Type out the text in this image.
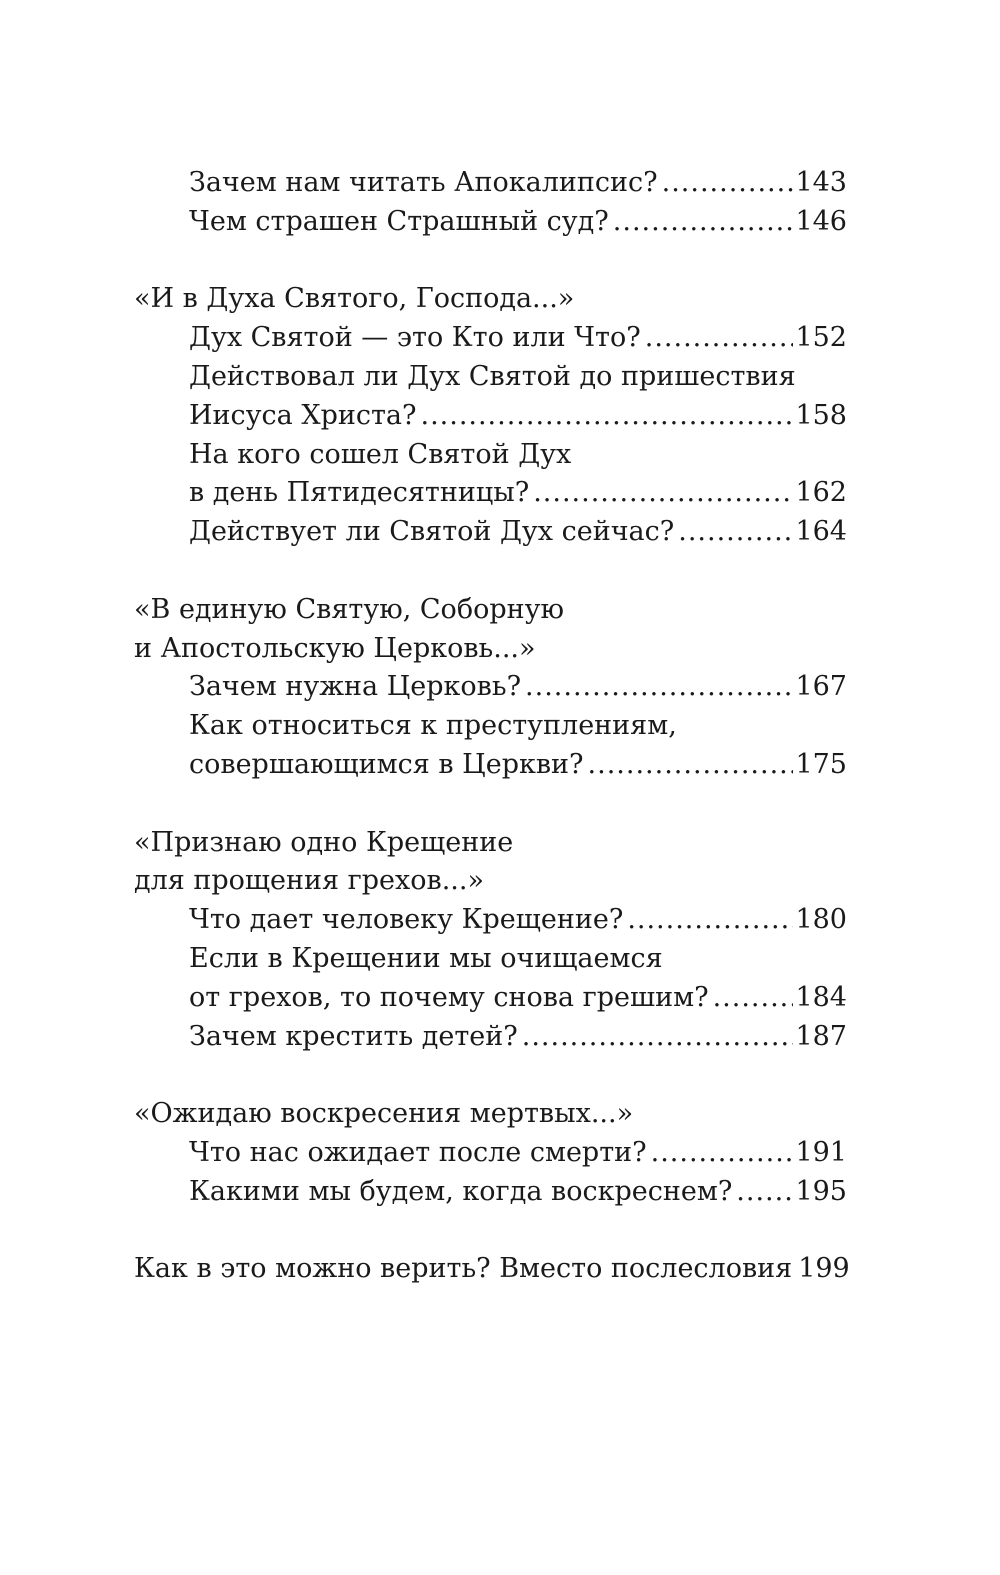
Зачем нам читать Апокалипсис? .....	143
Чем страшен Страшный суд? .....	146
«И в Духа Святого, Господа...»
Дух Святой — это Кто или Что? .....	152
Действовал ли Дух Святой до пришествия
Иисуса Христа? .....	158
На кого сошел Святой Дух
в день Пятидесятницы? .....	162
Действует ли Святой Дух сейчас? .....	164
«В единую Святую, Соборную
и Апостольскую Церковь...»
Зачем нужна Церковь? .....	167
Как относиться к преступлениям,
совершающимся в Церкви? .....	175
«Признаю одно Крещение
для прощения грехов...»
Что дает человеку Крещение? .....	180
Если в Крещении мы очищаемся
от грехов, то почему снова грешим? .....	184
Зачем крестить детей? .....	187
«Ожидаю воскресения мертвых...»
Что нас ожидает после смерти? .....	191
Какими мы будем, когда воскреснем? ..... 195
Как в это можно верить? Вместо послесловия 199
